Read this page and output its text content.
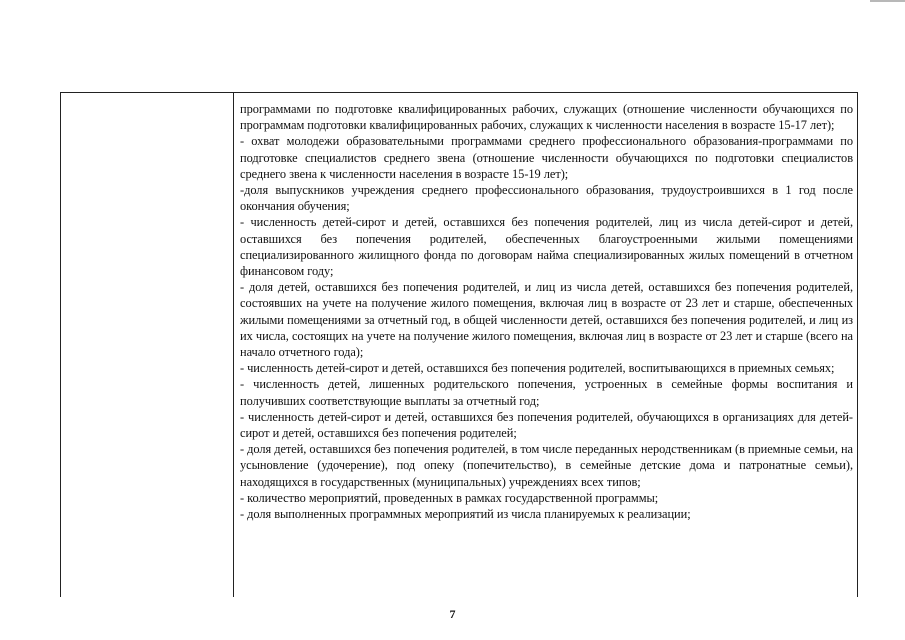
программами по подготовке квалифицированных рабочих, служащих (отношение численности обучающихся по программам подготовки квалифицированных рабочих, служащих к численности населения в возрасте 15-17 лет);

- охват молодежи образовательными программами среднего профессионального образования-программами по подготовке специалистов среднего звена (отношение численности обучающихся по подготовки специалистов среднего звена к численности населения в возрасте 15-19 лет);

-доля выпускников учреждения среднего профессионального образования, трудоустроившихся в 1 год после окончания обучения;

- численность детей-сирот и детей, оставшихся без попечения родителей, лиц из числа детей-сирот и детей, оставшихся без попечения родителей, обеспеченных благоустроенными жилыми помещениями специализированного жилищного фонда по договорам найма специализированных жилых помещений в отчетном финансовом году;

- доля детей, оставшихся без попечения родителей, и лиц из числа детей, оставшихся без попечения родителей, состоявших на учете на получение жилого помещения, включая лиц в возрасте от 23 лет и старше, обеспеченных жилыми помещениями за отчетный год, в общей численности детей, оставшихся без попечения родителей, и лиц из их числа, состоящих на учете на получение жилого помещения, включая лиц в возрасте от 23 лет и старше (всего на начало отчетного года);

- численность детей-сирот и детей, оставшихся без попечения родителей, воспитывающихся в приемных семьях;

- численность детей, лишенных родительского попечения, устроенных в семейные формы воспитания и получивших соответствующие выплаты за отчетный год;

- численность детей-сирот и детей, оставшихся без попечения родителей, обучающихся в организациях для детей-сирот и детей, оставшихся без попечения родителей;

- доля детей, оставшихся без попечения родителей, в том числе переданных неродственникам (в приемные семьи, на усыновление (удочерение), под опеку (попечительство), в семейные детские дома и патронатные семьи), находящихся в государственных (муниципальных) учреждениях всех типов;

- количество мероприятий, проведенных в рамках государственной программы;

- доля выполненных программных мероприятий из числа планируемых к реализации;

7
